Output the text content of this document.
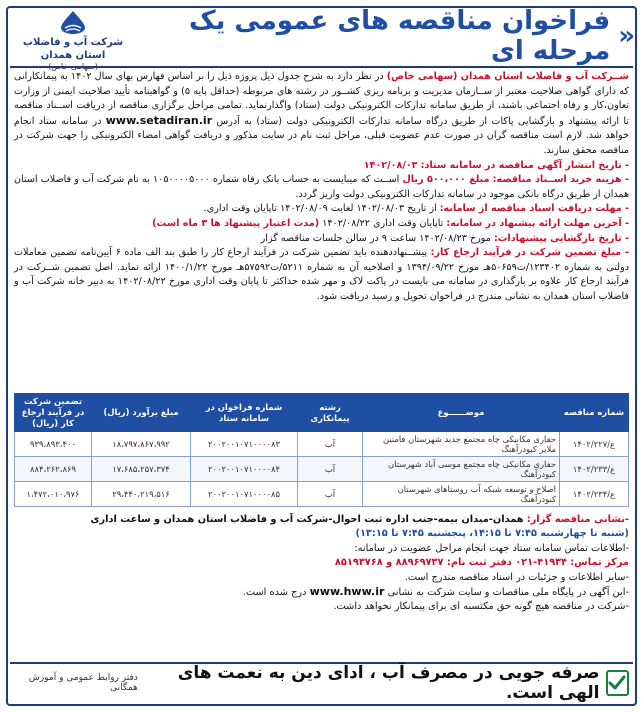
«
فراخوان مناقصه های عمومی یک مرحله ای
شرکت آب و فاضلاب استان همدان

شــرکت آب و فاضلاب استان همدان (سهامی خاص) در نظر دارد به شرح جدول ذیل پروژه ذیل را بر اساس فهارس بهای سال ۱۴۰۲ به پیمانکارانی که دارای گواهی صلاحیت معتبر از ســازمان مدیریت و برنامه ریزی کشــور در رشته های مربوطه (حداقل پایه ۵) و گواهینامه تأیید صلاحیت ایمنی از وزارت تعاون،کار و رفاه اجتماعی باشند، از طریق سامانه تدارکات الکترونیکی دولت (ستاد) واگذارنماید. تمامی مراحل برگزاری مناقصه از دریافت اســناد مناقصه تا ارائه پیشنهاد و بازگشایی پاکات از طریق درگاه سامانه تدارکات الکترونیکی دولت (ستاد) به آدرس www.setadiran.ir در سامانه ستاد انجام خواهد شد. لازم است مناقصه گران در صورت عدم عضویت قبلی، مراحل ثبت نام در سایت مذکور و دریافت گواهی امضاء الکترونیکی را جهت شرکت در مناقصه محقق سازند.

- تاریخ انتشار آگهی مناقصه در سامانه ستاد: ۱۴۰۲/۰۸/۰۳

- هزینه خرید اســناد مناقصه: مبلغ ۵۰۰،۰۰۰ ریال اســت که میبایست به حساب بانک رفاه شماره ۱۰۵۰۰۰۰۵۰۰۰ به نام شرکت آب و فاضلاب استان همدان از طریق درگاه بانکی موجود در سامانه تدارکات الکترونیکی دولت واریز گردد.

- مهلت دریافت اسناد مناقصه از سامانه: از تاریخ ۱۴۰۲/۰۸/۰۳ لغایت ۱۴۰۲/۰۸/۰۹ تاپایان وقت اداری.

- آخرین مهلت ارائه پیشنهاد در سامانه: تاپایان وقت اداری ۱۴۰۲/۰۸/۲۲ (مدت اعتبار پیشنهاد ها ۳ ماه است)

- تاریخ بازگشایی پیشنهادات: مورخ ۱۴۰۲/۰۸/۲۳ ساعت ۹ در سالن جلسات مناقصه گزار

- مبلغ تضمین شرکت در فرآیند ارجاع کار: پیشــنهاددهنده باید تضمین شرکت در فرآیند ارجاع کار را طبق بند الف ماده ۶ آیین‌نامه تضمین معاملات دولتی به شماره ۱۲۳۴۰۲/ت۵۰۶۵۹هـ مورخ ۱۳۹۴/۰۹/۲۲ و اصلاحیه آن به شماره ۵۲۱۱/ت۵۷۵۹۲هـ مورخ ۱۴۰۰/۱/۲۲ ارائه نماید. اصل تضمین شــرکت در فرآیند ارجاع کار علاوه بر بارگذاری در سامانه می بایست در پاکت لاک و مهر شده حداکثر تا پایان وقت اداری مورخ ۱۴۰۲/۰۸/۲۲ به دبیر خانه شرکت آب و فاضلاب استان همدان به نشانی مندرج در فراخوان تحویل و رسید دریافت شود.

شماره مناقصه	موضــــــوع	رشته پیمانکاری	شماره فراخوان در سامانه ستاد	مبلغ برآورد (ریال)	تضمین شرکت در فرآیند ارجاع کار (ریال)
ع/۱۴۰۲/۲۲۷	حفاری مکانیکی چاه مجتمع جدید شهرستان فامنین ملایر کبودرآهنگ	آب	۲۰۰۲۰۰۱۰۷۱۰۰۰۰۸۳	۱۸،۷۹۷،۸۶۷،۹۹۲	۹۳۹،۸۹۳،۴۰۰
ع/۱۴۰۲/۲۳۳	حفاری مکانیکی چاه مجتمع موسی آباد شهرستان کبودرآهنگ	آب	۲۰۰۲۰۰۱۰۷۱۰۰۰۰۸۴	۱۷،۶۸۵،۲۵۷،۳۷۴	۸۸۴،۲۶۲،۸۶۹
ع/۱۴۰۲/۲۳۴	اصلاح و توسعه شبکه آب روستاهای شهرستان کبودرآهنگ	آب	۲۰۰۲۰۰۱۰۷۱۰۰۰۰۸۵	۲۹،۴۴۰،۲۱۹،۵۱۶	۱،۴۷۲،۰۱۰،۹۷۶

-نشانی مناقصه گزار: همدان-میدان بیمه-جنب اداره ثبت احوال-شرکت آب و فاضلاب استان همدان و ساعت اداری

(شنبه تا چهارشنبه ۷:۴۵ تا ۱۴:۱۵، پنجشنبه ۷:۴۵ تا ۱۳:۱۵)

-اطلاعات تماس سامانه ستاد جهت انجام مراحل عضویت در سامانه:

مرکز تماس: ۴۱۹۳۴-۰۲۱ دفتر ثبت نام: ۸۸۹۶۹۷۳۷ و ۸۵۱۹۳۷۶۸

-سایر اطلاعات و جزئیات در اسناد مناقصه مندرج است.

-این آگهی در پایگاه ملی مناقصات و سایت شرکت به نشانی www.hww.ir درج شده است.

-شرکت در مناقصه هیچ گونه حق مکتسبه ای برای پیمانکار نخواهد داشت.

صرفه جویی در مصرف آب ، ادای دین به نعمت های الهی است.
دفتر روابط عمومی و آموزش همگانی
